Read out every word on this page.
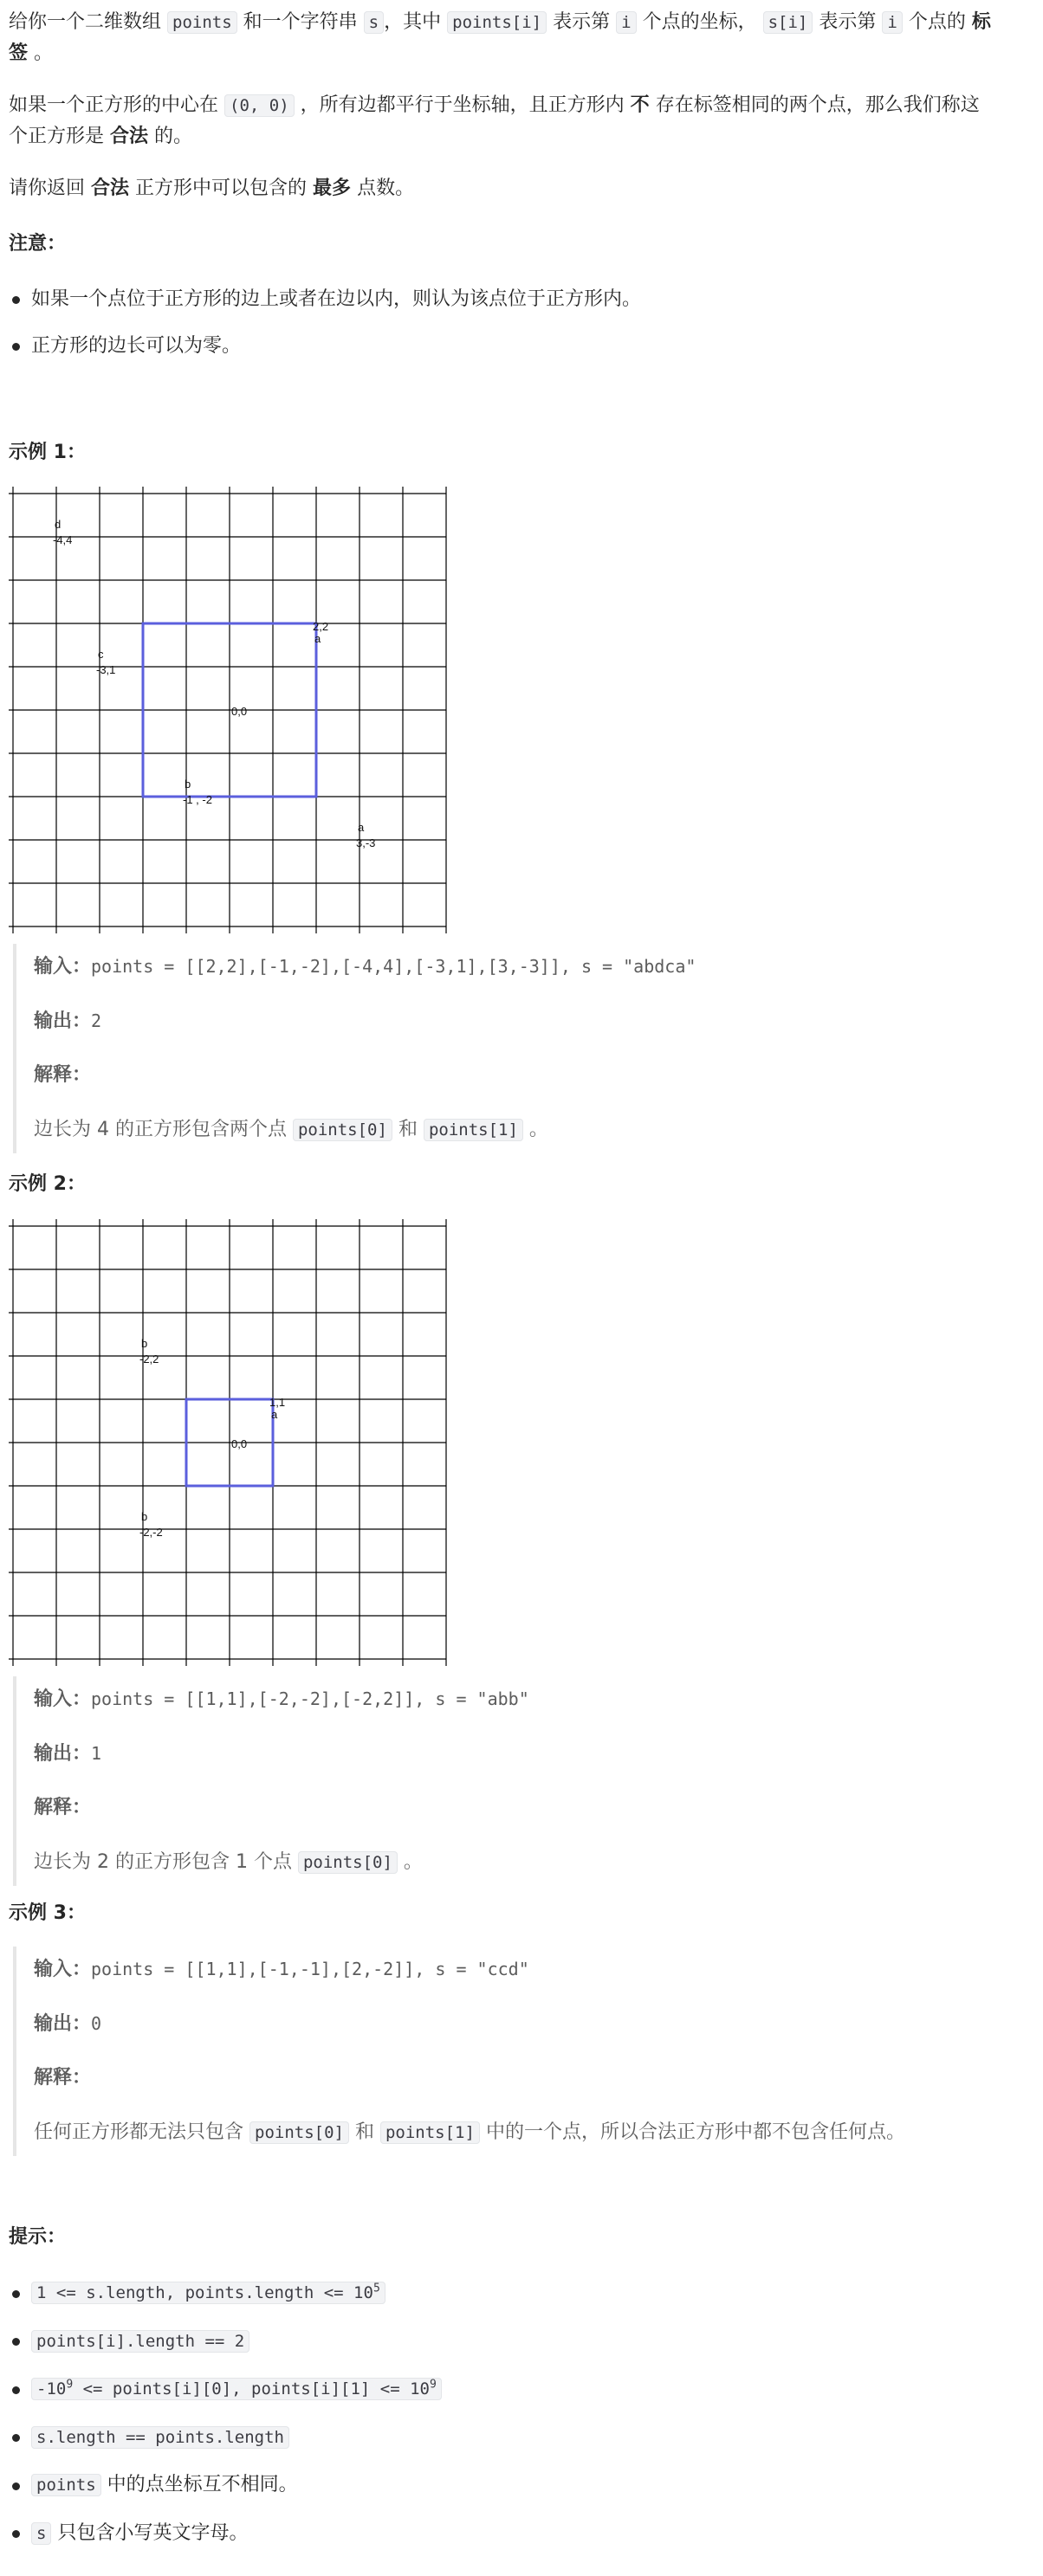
给你一个二维数组 points 和一个字符串 s ，其中 points[i] 表示第 i 个点的坐标， s[i] 表示第 i 个点的 标

签 。

如果一个正方形的中心在 (0, 0) ，所有边都平行于坐标轴，且正方形内 不 存在标签相同的两个点，那么我们称这

个正方形是 合法 的。

请你返回 合法 正方形中可以包含的 最多 点数。

注意：
如果一个点位于正方形的边上或者在边以内，则认为该点位于正方形内。
正方形的边长可以为零。
示例 1：
0,0
a
2,2
b
-1 , -2
d
-4,4
c
-3,1
a
3,-3
输入：points = [[2,2],[-1,-2],[-4,4],[-3,1],[3,-3]], s = "abdca"
输出：2
解释：
边长为 4 的正方形包含两个点 points[0] 和 points[1] 。
示例 2：
0,0
a
1,1
b
-2,-2
b
-2,2
输入：points = [[1,1],[-2,-2],[-2,2]], s = "abb"
输出：1
解释：
边长为 2 的正方形包含 1 个点 points[0] 。
示例 3：
输入：points = [[1,1],[-1,-1],[2,-2]], s = "ccd"
输出：0
解释：
任何正方形都无法只包含 points[0] 和 points[1] 中的一个点，所以合法正方形中都不包含任何点。
提示：
1 <= s.length, points.length <= $10^5$
points[i].length == 2
$-10^9$ <= points[i][0], points[i][1] <= $10^9$
s.length == points.length
points 中的点坐标互不相同。
s 只包含小写英文字母。
